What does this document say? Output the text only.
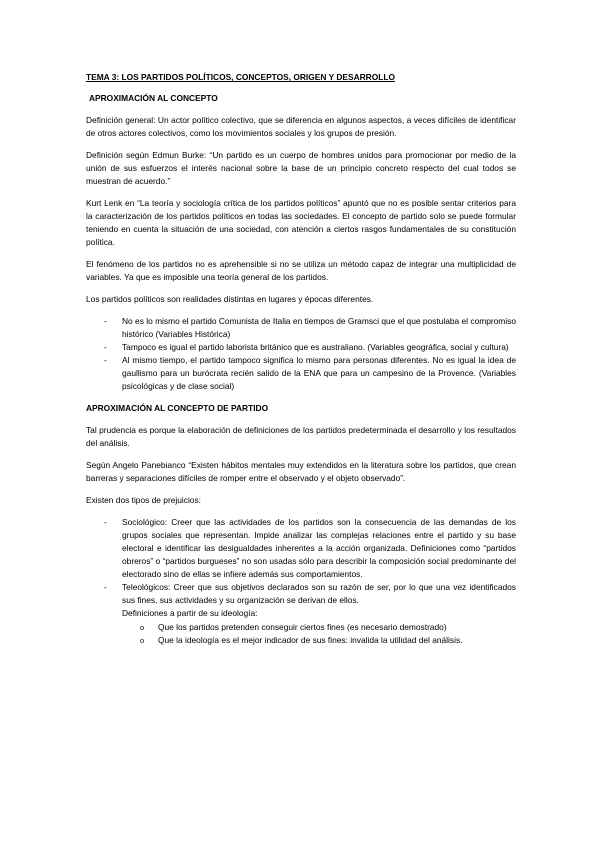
TEMA 3: LOS PARTIDOS POLÍTICOS, CONCEPTOS, ORIGEN Y DESARROLLO
APROXIMACIÓN AL CONCEPTO

Definición general: Un actor político colectivo, que se diferencia en algunos aspectos, a veces difíciles de identificar de otros actores colectivos, como los movimientos sociales y los grupos de presión.

Definición según Edmun Burke: “Un partido es un cuerpo de hombres unidos para promocionar por medio de la unión de sus esfuerzos el interés nacional sobre la base de un principio concreto respecto del cual todos se muestran de acuerdo.”

Kurt Lenk en “La teoría y sociología crítica de los partidos políticos” apuntó que no es posible sentar criterios para la caracterización de los partidos políticos en todas las sociedades. El concepto de partido solo se puede formular teniendo en cuenta la situación de una sociedad, con atención a ciertos rasgos fundamentales de su constitución política.

El fenómeno de los partidos no es aprehensible si no se utiliza un método capaz de integrar una multiplicidad de variables. Ya que es imposible una teoría general de los partidos.

Los partidos políticos son realidades distintas en lugares y épocas diferentes.

- No es lo mismo el partido Comunista de Italia en tiempos de Gramsci que el que postulaba el compromiso histórico (Variables Histórica)
- Tampoco es igual el partido laborista británico que es australiano. (Variables geográfica, social y cultura)
- Al mismo tiempo, el partido tampoco significa lo mismo para personas diferentes. No es igual la idea de gaullismo para un burócrata recién salido de la ENA que para un campesino de la Provence. (Variables psicológicas y de clase social)
APROXIMACIÓN AL CONCEPTO DE PARTIDO

Tal prudencia es porque la elaboración de definiciones de los partidos predeterminada el desarrollo y los resultados del análisis.

Según Angelo Panebianco “Existen hábitos mentales muy extendidos en la literatura sobre los partidos, que crean barreras y separaciones difíciles de romper entre el observado y el objeto observado”.

Existen dos tipos de prejuicios:

- Sociológico: Creer que las actividades de los partidos son la consecuencia de las demandas de los grupos sociales que representan. Impide analizar las complejas relaciones entre el partido y su base electoral e identificar las desigualdades inherentes a la acción organizada. Definiciones como “partidos obreros” o “partidos burgueses” no son usadas sólo para describir la composición social predominante del electorado sino de ellas se infiere además sus comportamientos.
- Teleológicos: Creer que sus objetivos declarados son su razón de ser, por lo que una vez identificados sus fines, sus actividades y su organización se derivan de ellos.
Definiciones a partir de su ideología:
o Que los partidos pretenden conseguir ciertos fines (es necesario demostrado)
o Que la ideología es el mejor indicador de sus fines: invalida la utilidad del análisis.
